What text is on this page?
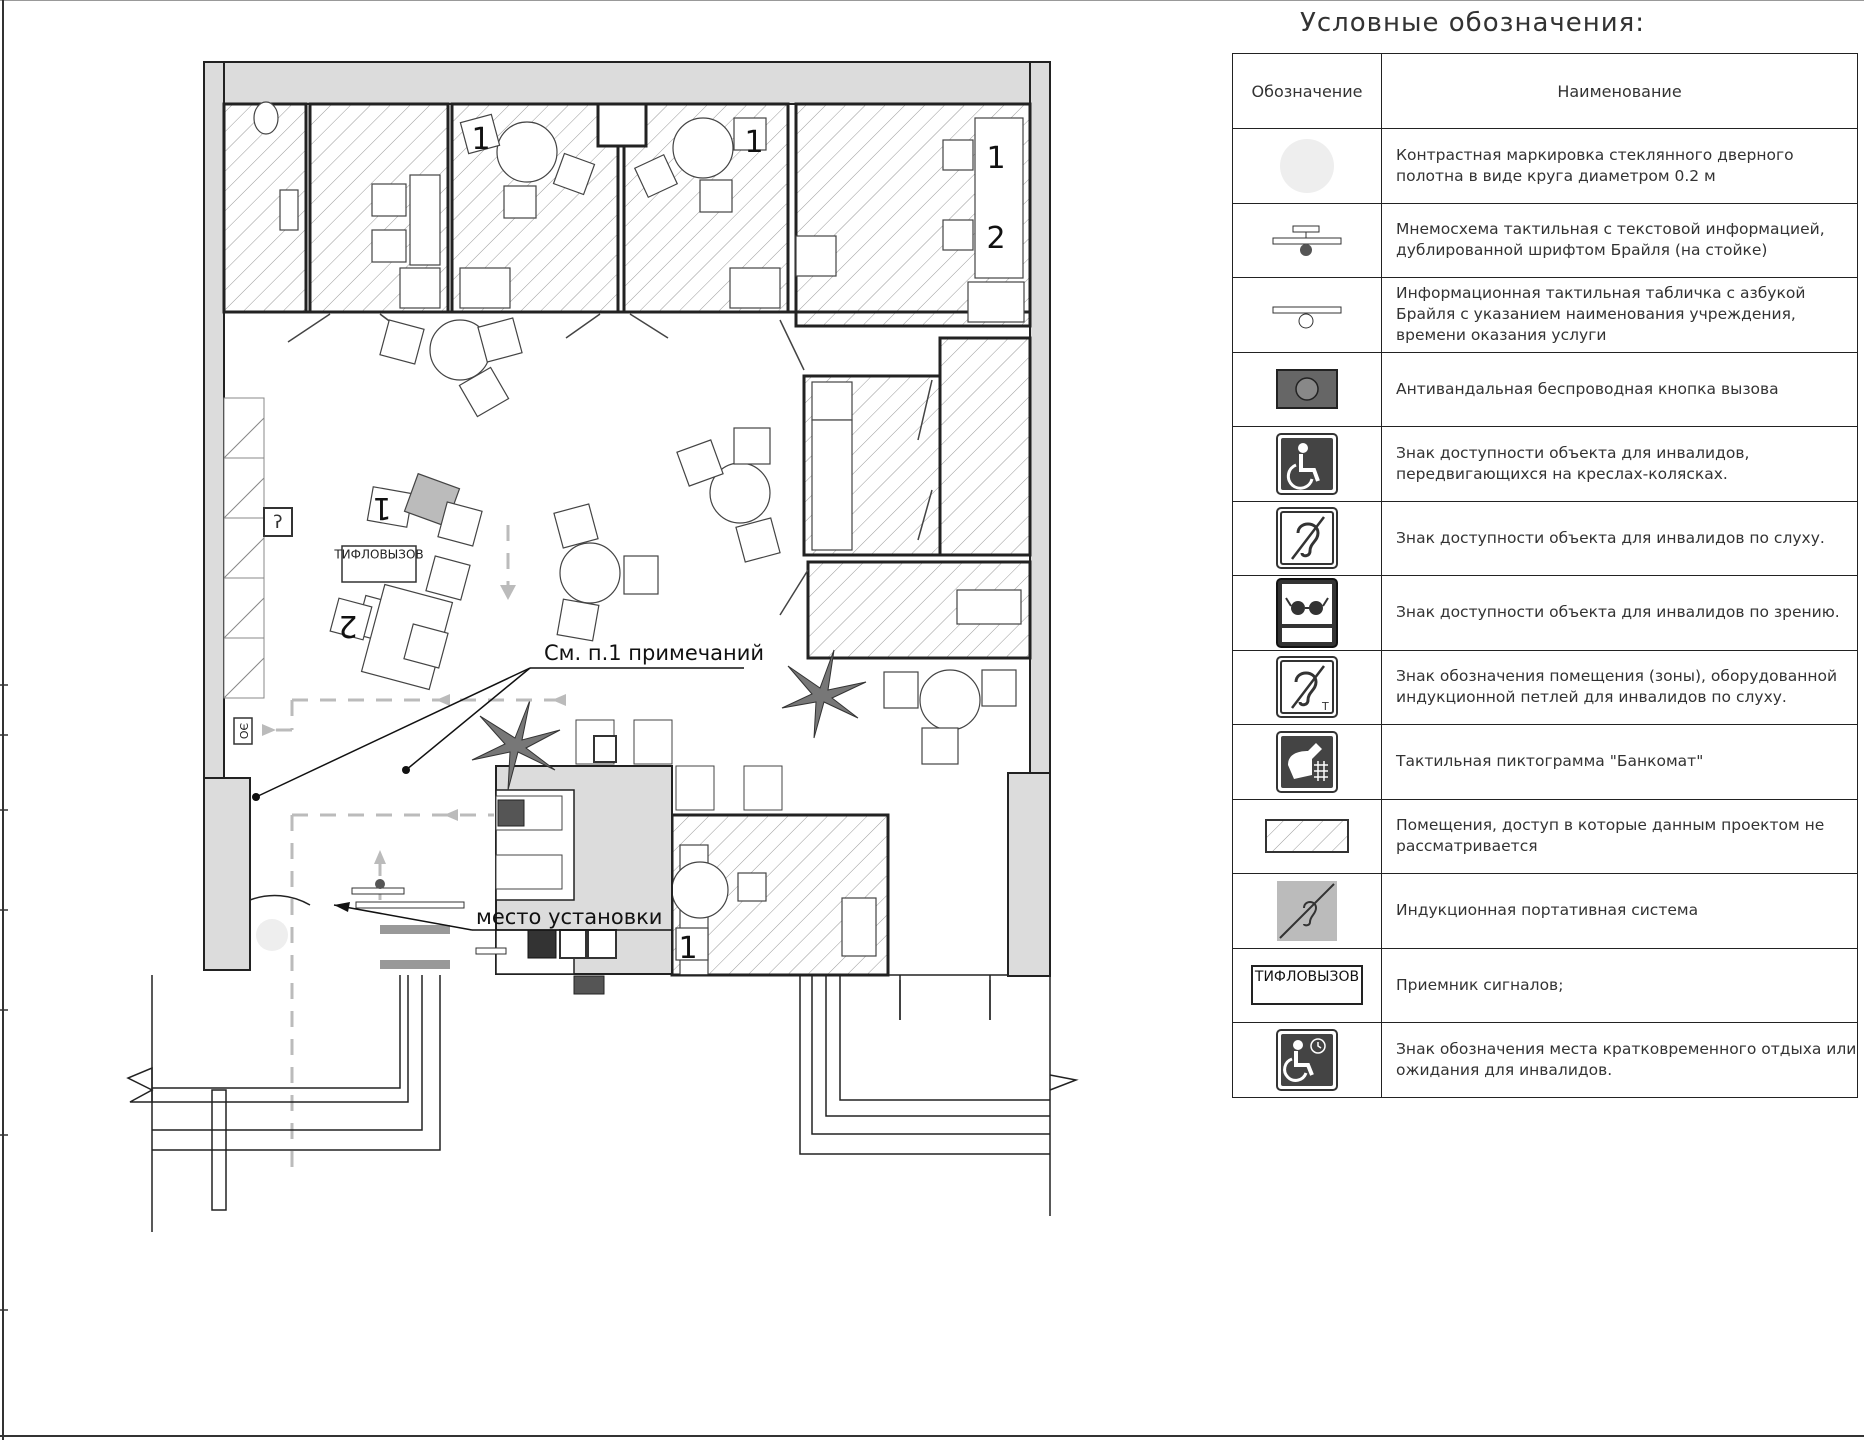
ʔ
ЭО
ТИФЛОВЫЗОВ
1	1	1
2
1
2
1
См. п.1 примечаний
место установки
Условные обозначения:
Обозначение	Наименование
	Контрастная маркировка стеклянного дверного полотна в виде круга диаметром 0.2 м
	Мнемосхема тактильная с текстовой информацией, дублированной шрифтом Брайля (на стойке)
	Информационная тактильная табличка с азбукой Брайля с указанием наименования учреждения, времени оказания услуги
	Антивандальная беспроводная кнопка вызова
	Знак доступности объекта для инвалидов, передвигающихся на креслах-колясках.
	Знак доступности объекта для инвалидов по слуху.
	Знак доступности объекта для инвалидов по зрению.

T	Знак обозначения помещения (зоны), оборудованной индукционной петлей для инвалидов по слуху.
	Тактильная пиктограмма "Банкомат"
	Помещения, доступ в которые данным проектом не рассматривается
	Индукционная портативная система
ТИФЛОВЫЗОВ	Приемник сигналов;
	Знак обозначения места кратковременного отдыха или ожидания для инвалидов.
